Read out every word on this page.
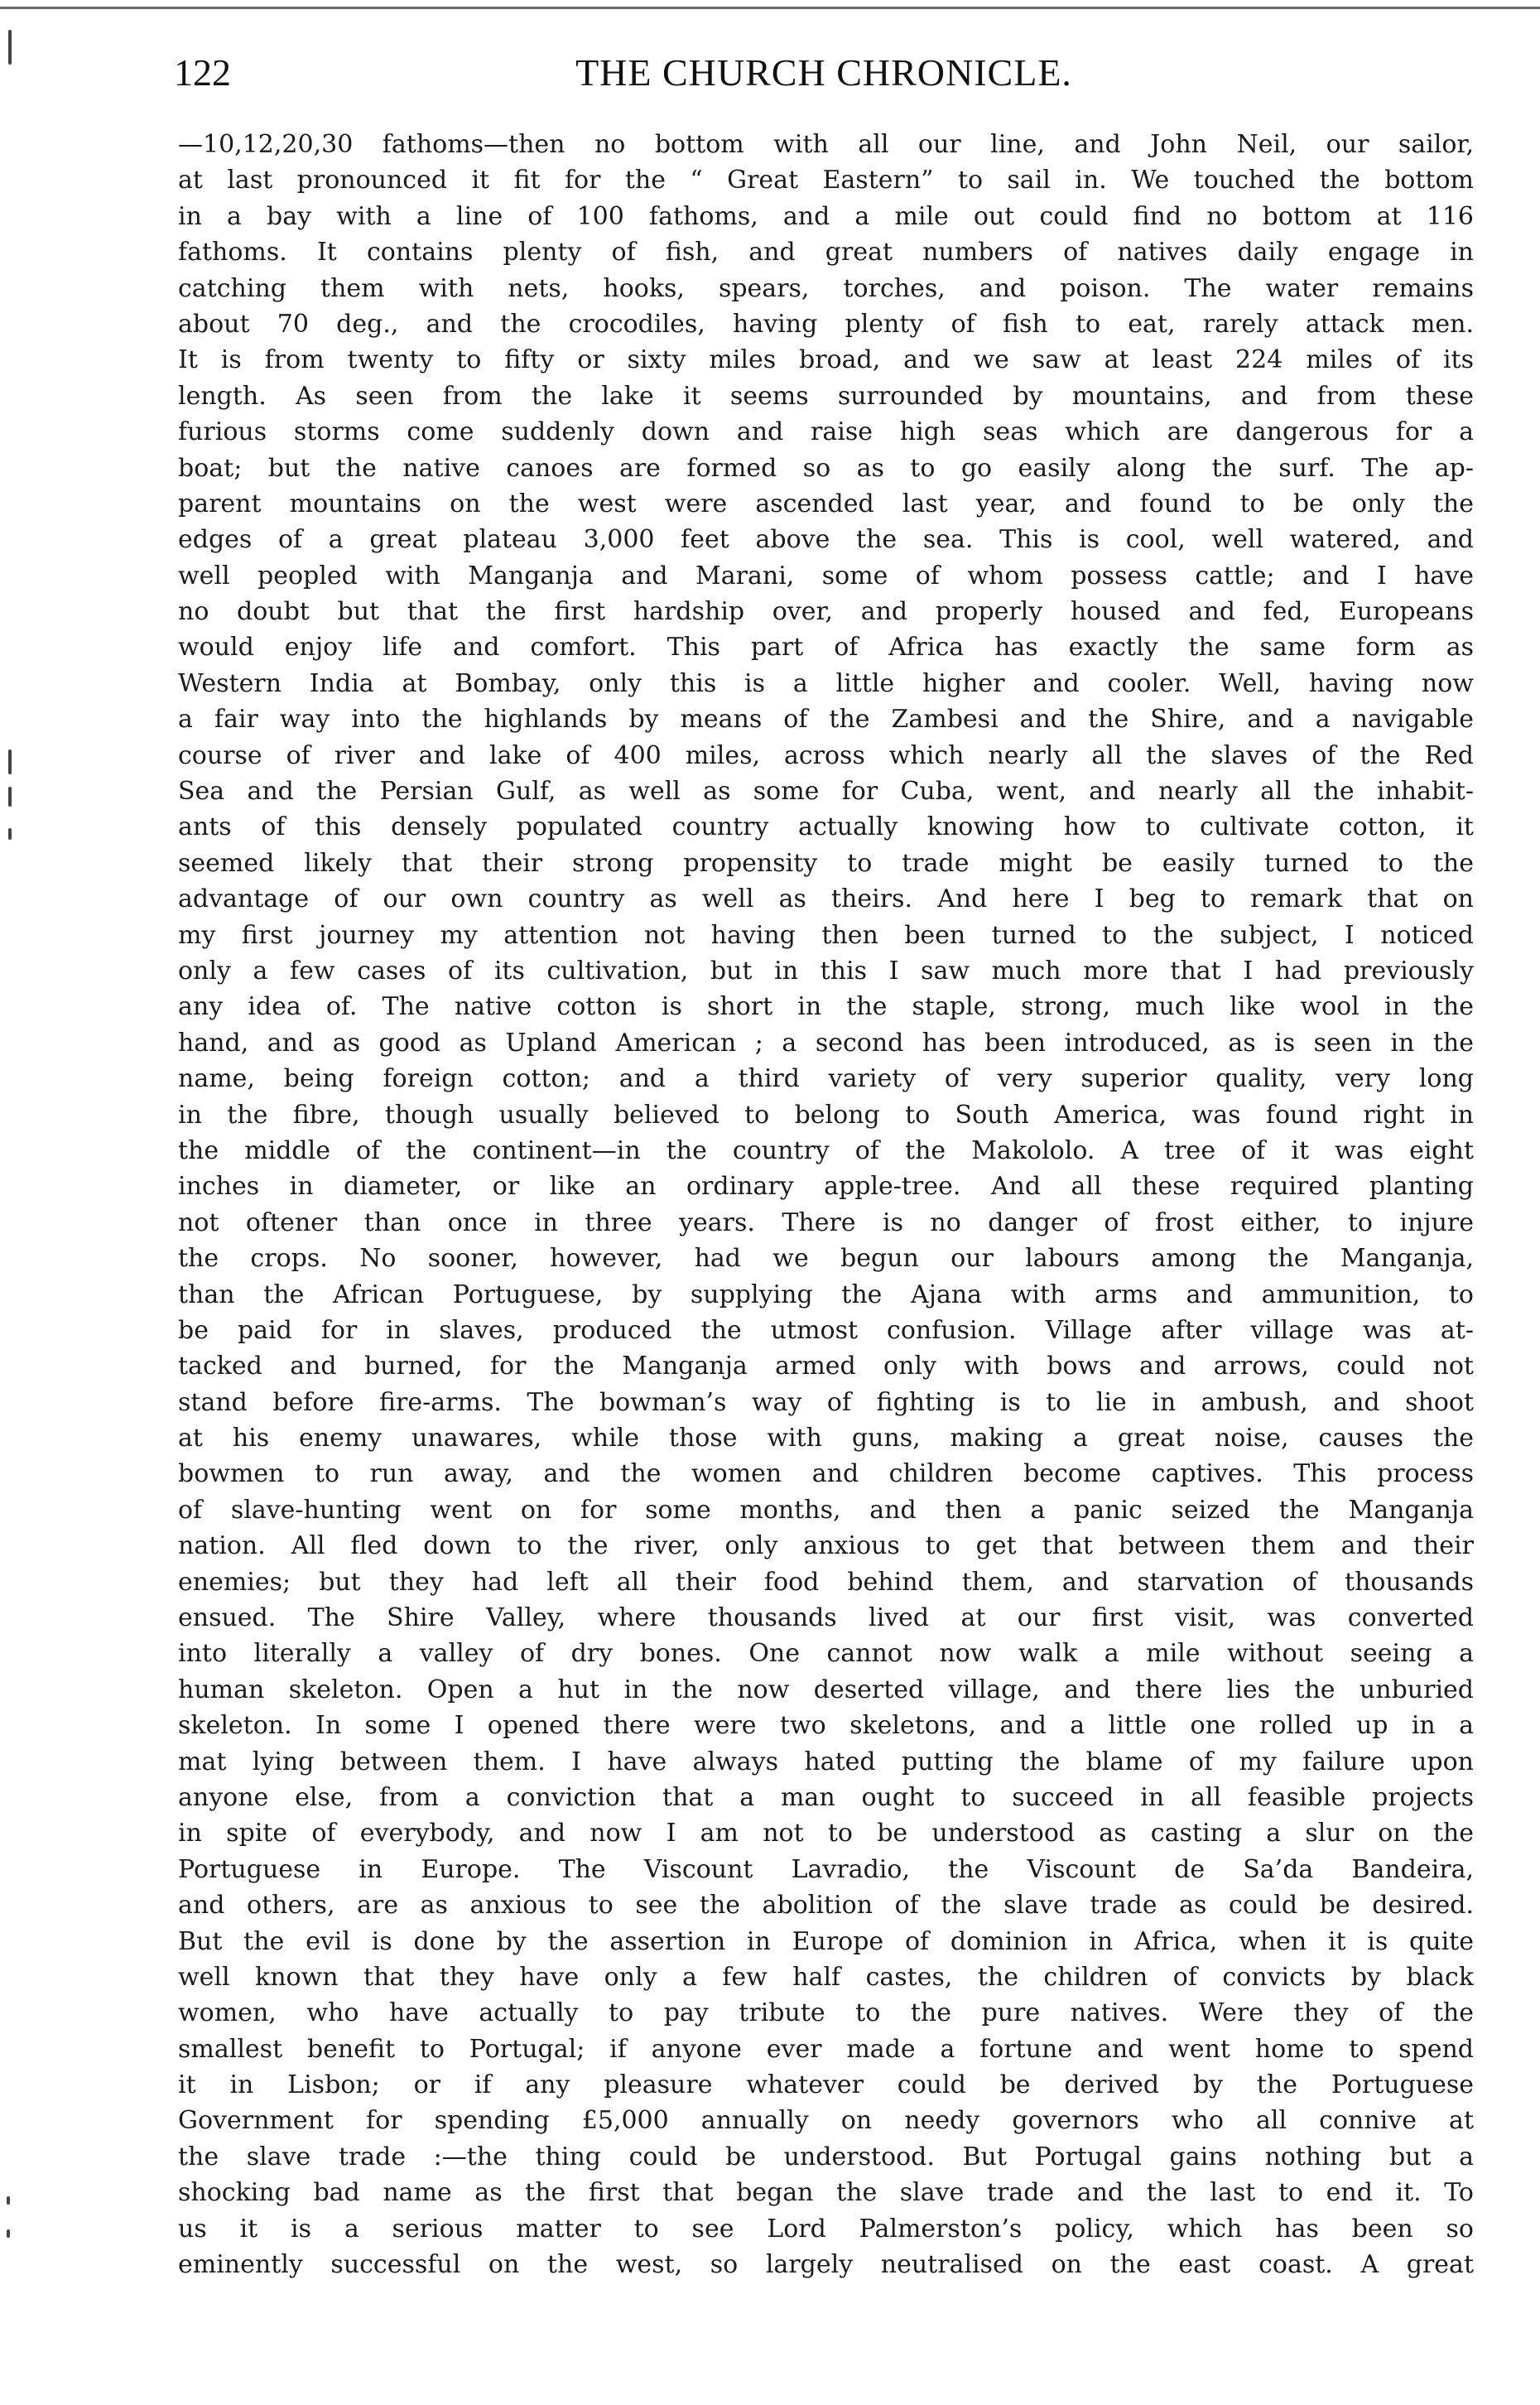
122	THE CHURCH CHRONICLE.
—10,12,20,30 fathoms—then no bottom with all our line, and John Neil, our sailor,
at last pronounced it fit for the “ Great Eastern” to sail in. We touched the bottom
in a bay with a line of 100 fathoms, and a mile out could find no bottom at 116
fathoms. It contains plenty of fish, and great numbers of natives daily engage in
catching them with nets, hooks, spears, torches, and poison. The water remains
about 70 deg., and the crocodiles, having plenty of fish to eat, rarely attack men.
It is from twenty to fifty or sixty miles broad, and we saw at least 224 miles of its
length. As seen from the lake it seems surrounded by mountains, and from these
furious storms come suddenly down and raise high seas which are dangerous for a
boat; but the native canoes are formed so as to go easily along the surf. The ap-
parent mountains on the west were ascended last year, and found to be only the
edges of a great plateau 3,000 feet above the sea. This is cool, well watered, and
well peopled with Manganja and Marani, some of whom possess cattle; and I have
no doubt but that the first hardship over, and properly housed and fed, Europeans
would enjoy life and comfort. This part of Africa has exactly the same form as
Western India at Bombay, only this is a little higher and cooler. Well, having now
a fair way into the highlands by means of the Zambesi and the Shire, and a navigable
course of river and lake of 400 miles, across which nearly all the slaves of the Red
Sea and the Persian Gulf, as well as some for Cuba, went, and nearly all the inhabit-
ants of this densely populated country actually knowing how to cultivate cotton, it
seemed likely that their strong propensity to trade might be easily turned to the
advantage of our own country as well as theirs. And here I beg to remark that on
my first journey my attention not having then been turned to the subject, I noticed
only a few cases of its cultivation, but in this I saw much more that I had previously
any idea of. The native cotton is short in the staple, strong, much like wool in the
hand, and as good as Upland American ; a second has been introduced, as is seen in the
name, being foreign cotton; and a third variety of very superior quality, very long
in the fibre, though usually believed to belong to South America, was found right in
the middle of the continent—in the country of the Makololo. A tree of it was eight
inches in diameter, or like an ordinary apple-tree. And all these required planting
not oftener than once in three years. There is no danger of frost either, to injure
the crops. No sooner, however, had we begun our labours among the Manganja,
than the African Portuguese, by supplying the Ajana with arms and ammunition, to
be paid for in slaves, produced the utmost confusion. Village after village was at-
tacked and burned, for the Manganja armed only with bows and arrows, could not
stand before fire-arms. The bowman’s way of fighting is to lie in ambush, and shoot
at his enemy unawares, while those with guns, making a great noise, causes the
bowmen to run away, and the women and children become captives. This process
of slave-hunting went on for some months, and then a panic seized the Manganja
nation. All fled down to the river, only anxious to get that between them and their
enemies; but they had left all their food behind them, and starvation of thousands
ensued. The Shire Valley, where thousands lived at our first visit, was converted
into literally a valley of dry bones. One cannot now walk a mile without seeing a
human skeleton. Open a hut in the now deserted village, and there lies the unburied
skeleton. In some I opened there were two skeletons, and a little one rolled up in a
mat lying between them. I have always hated putting the blame of my failure upon
anyone else, from a conviction that a man ought to succeed in all feasible projects
in spite of everybody, and now I am not to be understood as casting a slur on the
Portuguese in Europe. The Viscount Lavradio, the Viscount de Sa’da Bandeira,
and others, are as anxious to see the abolition of the slave trade as could be desired.
But the evil is done by the assertion in Europe of dominion in Africa, when it is quite
well known that they have only a few half castes, the children of convicts by black
women, who have actually to pay tribute to the pure natives. Were they of the
smallest benefit to Portugal; if anyone ever made a fortune and went home to spend
it in Lisbon; or if any pleasure whatever could be derived by the Portuguese
Government for spending £5,000 annually on needy governors who all connive at
the slave trade :—the thing could be understood. But Portugal gains nothing but a
shocking bad name as the first that began the slave trade and the last to end it. To
us it is a serious matter to see Lord Palmerston’s policy, which has been so
eminently successful on the west, so largely neutralised on the east coast. A great
